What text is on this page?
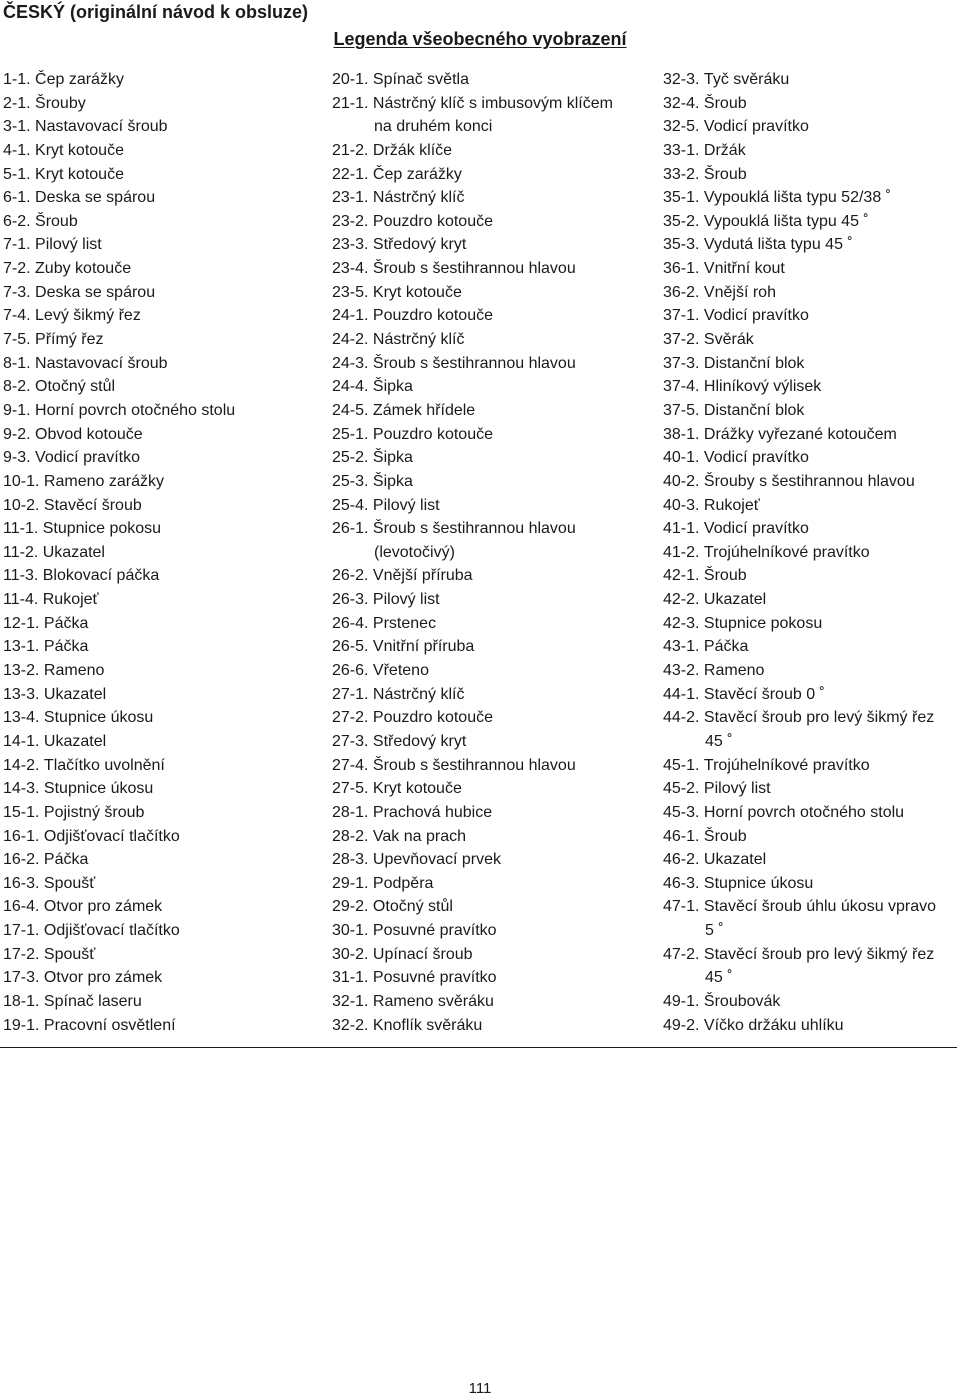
ČESKÝ (originální návod k obsluze)
Legenda všeobecného vyobrazení
1-1. Čep zarážky
2-1. Šrouby
3-1. Nastavovací šroub
4-1. Kryt kotouče
5-1. Kryt kotouče
6-1. Deska se spárou
6-2. Šroub
7-1. Pilový list
7-2. Zuby kotouče
7-3. Deska se spárou
7-4. Levý šikmý řez
7-5. Přímý řez
8-1. Nastavovací šroub
8-2. Otočný stůl
9-1. Horní povrch otočného stolu
9-2. Obvod kotouče
9-3. Vodicí pravítko
10-1. Rameno zarážky
10-2. Stavěcí šroub
11-1. Stupnice pokosu
11-2. Ukazatel
11-3. Blokovací páčka
11-4. Rukojeť
12-1. Páčka
13-1. Páčka
13-2. Rameno
13-3. Ukazatel
13-4. Stupnice úkosu
14-1. Ukazatel
14-2. Tlačítko uvolnění
14-3. Stupnice úkosu
15-1. Pojistný šroub
16-1. Odjišťovací tlačítko
16-2. Páčka
16-3. Spoušť
16-4. Otvor pro zámek
17-1. Odjišťovací tlačítko
17-2. Spoušť
17-3. Otvor pro zámek
18-1. Spínač laseru
19-1. Pracovní osvětlení
20-1. Spínač světla
21-1. Nástrčný klíč s imbusovým klíčem
na druhém konci
21-2. Držák klíče
22-1. Čep zarážky
23-1. Nástrčný klíč
23-2. Pouzdro kotouče
23-3. Středový kryt
23-4. Šroub s šestihrannou hlavou
23-5. Kryt kotouče
24-1. Pouzdro kotouče
24-2. Nástrčný klíč
24-3. Šroub s šestihrannou hlavou
24-4. Šipka
24-5. Zámek hřídele
25-1. Pouzdro kotouče
25-2. Šipka
25-3. Šipka
25-4. Pilový list
26-1. Šroub s šestihrannou hlavou
(levotočivý)
26-2. Vnější příruba
26-3. Pilový list
26-4. Prstenec
26-5. Vnitřní příruba
26-6. Vřeteno
27-1. Nástrčný klíč
27-2. Pouzdro kotouče
27-3. Středový kryt
27-4. Šroub s šestihrannou hlavou
27-5. Kryt kotouče
28-1. Prachová hubice
28-2. Vak na prach
28-3. Upevňovací prvek
29-1. Podpěra
29-2. Otočný stůl
30-1. Posuvné pravítko
30-2. Upínací šroub
31-1. Posuvné pravítko
32-1. Rameno svěráku
32-2. Knoflík svěráku
32-3. Tyč svěráku
32-4. Šroub
32-5. Vodicí pravítko
33-1. Držák
33-2. Šroub
35-1. Vypouklá lišta typu 52/38 ˚
35-2. Vypouklá lišta typu 45 ˚
35-3. Vydutá lišta typu 45 ˚
36-1. Vnitřní kout
36-2. Vnější roh
37-1. Vodicí pravítko
37-2. Svěrák
37-3. Distanční blok
37-4. Hliníkový výlisek
37-5. Distanční blok
38-1. Drážky vyřezané kotoučem
40-1. Vodicí pravítko
40-2. Šrouby s šestihrannou hlavou
40-3. Rukojeť
41-1. Vodicí pravítko
41-2. Trojúhelníkové pravítko
42-1. Šroub
42-2. Ukazatel
42-3. Stupnice pokosu
43-1. Páčka
43-2. Rameno
44-1. Stavěcí šroub 0 ˚
44-2. Stavěcí šroub pro levý šikmý řez
45 ˚
45-1. Trojúhelníkové pravítko
45-2. Pilový list
45-3. Horní povrch otočného stolu
46-1. Šroub
46-2. Ukazatel
46-3. Stupnice úkosu
47-1. Stavěcí šroub úhlu úkosu vpravo
5 ˚
47-2. Stavěcí šroub pro levý šikmý řez
45 ˚
49-1. Šroubovák
49-2. Víčko držáku uhlíku
111
